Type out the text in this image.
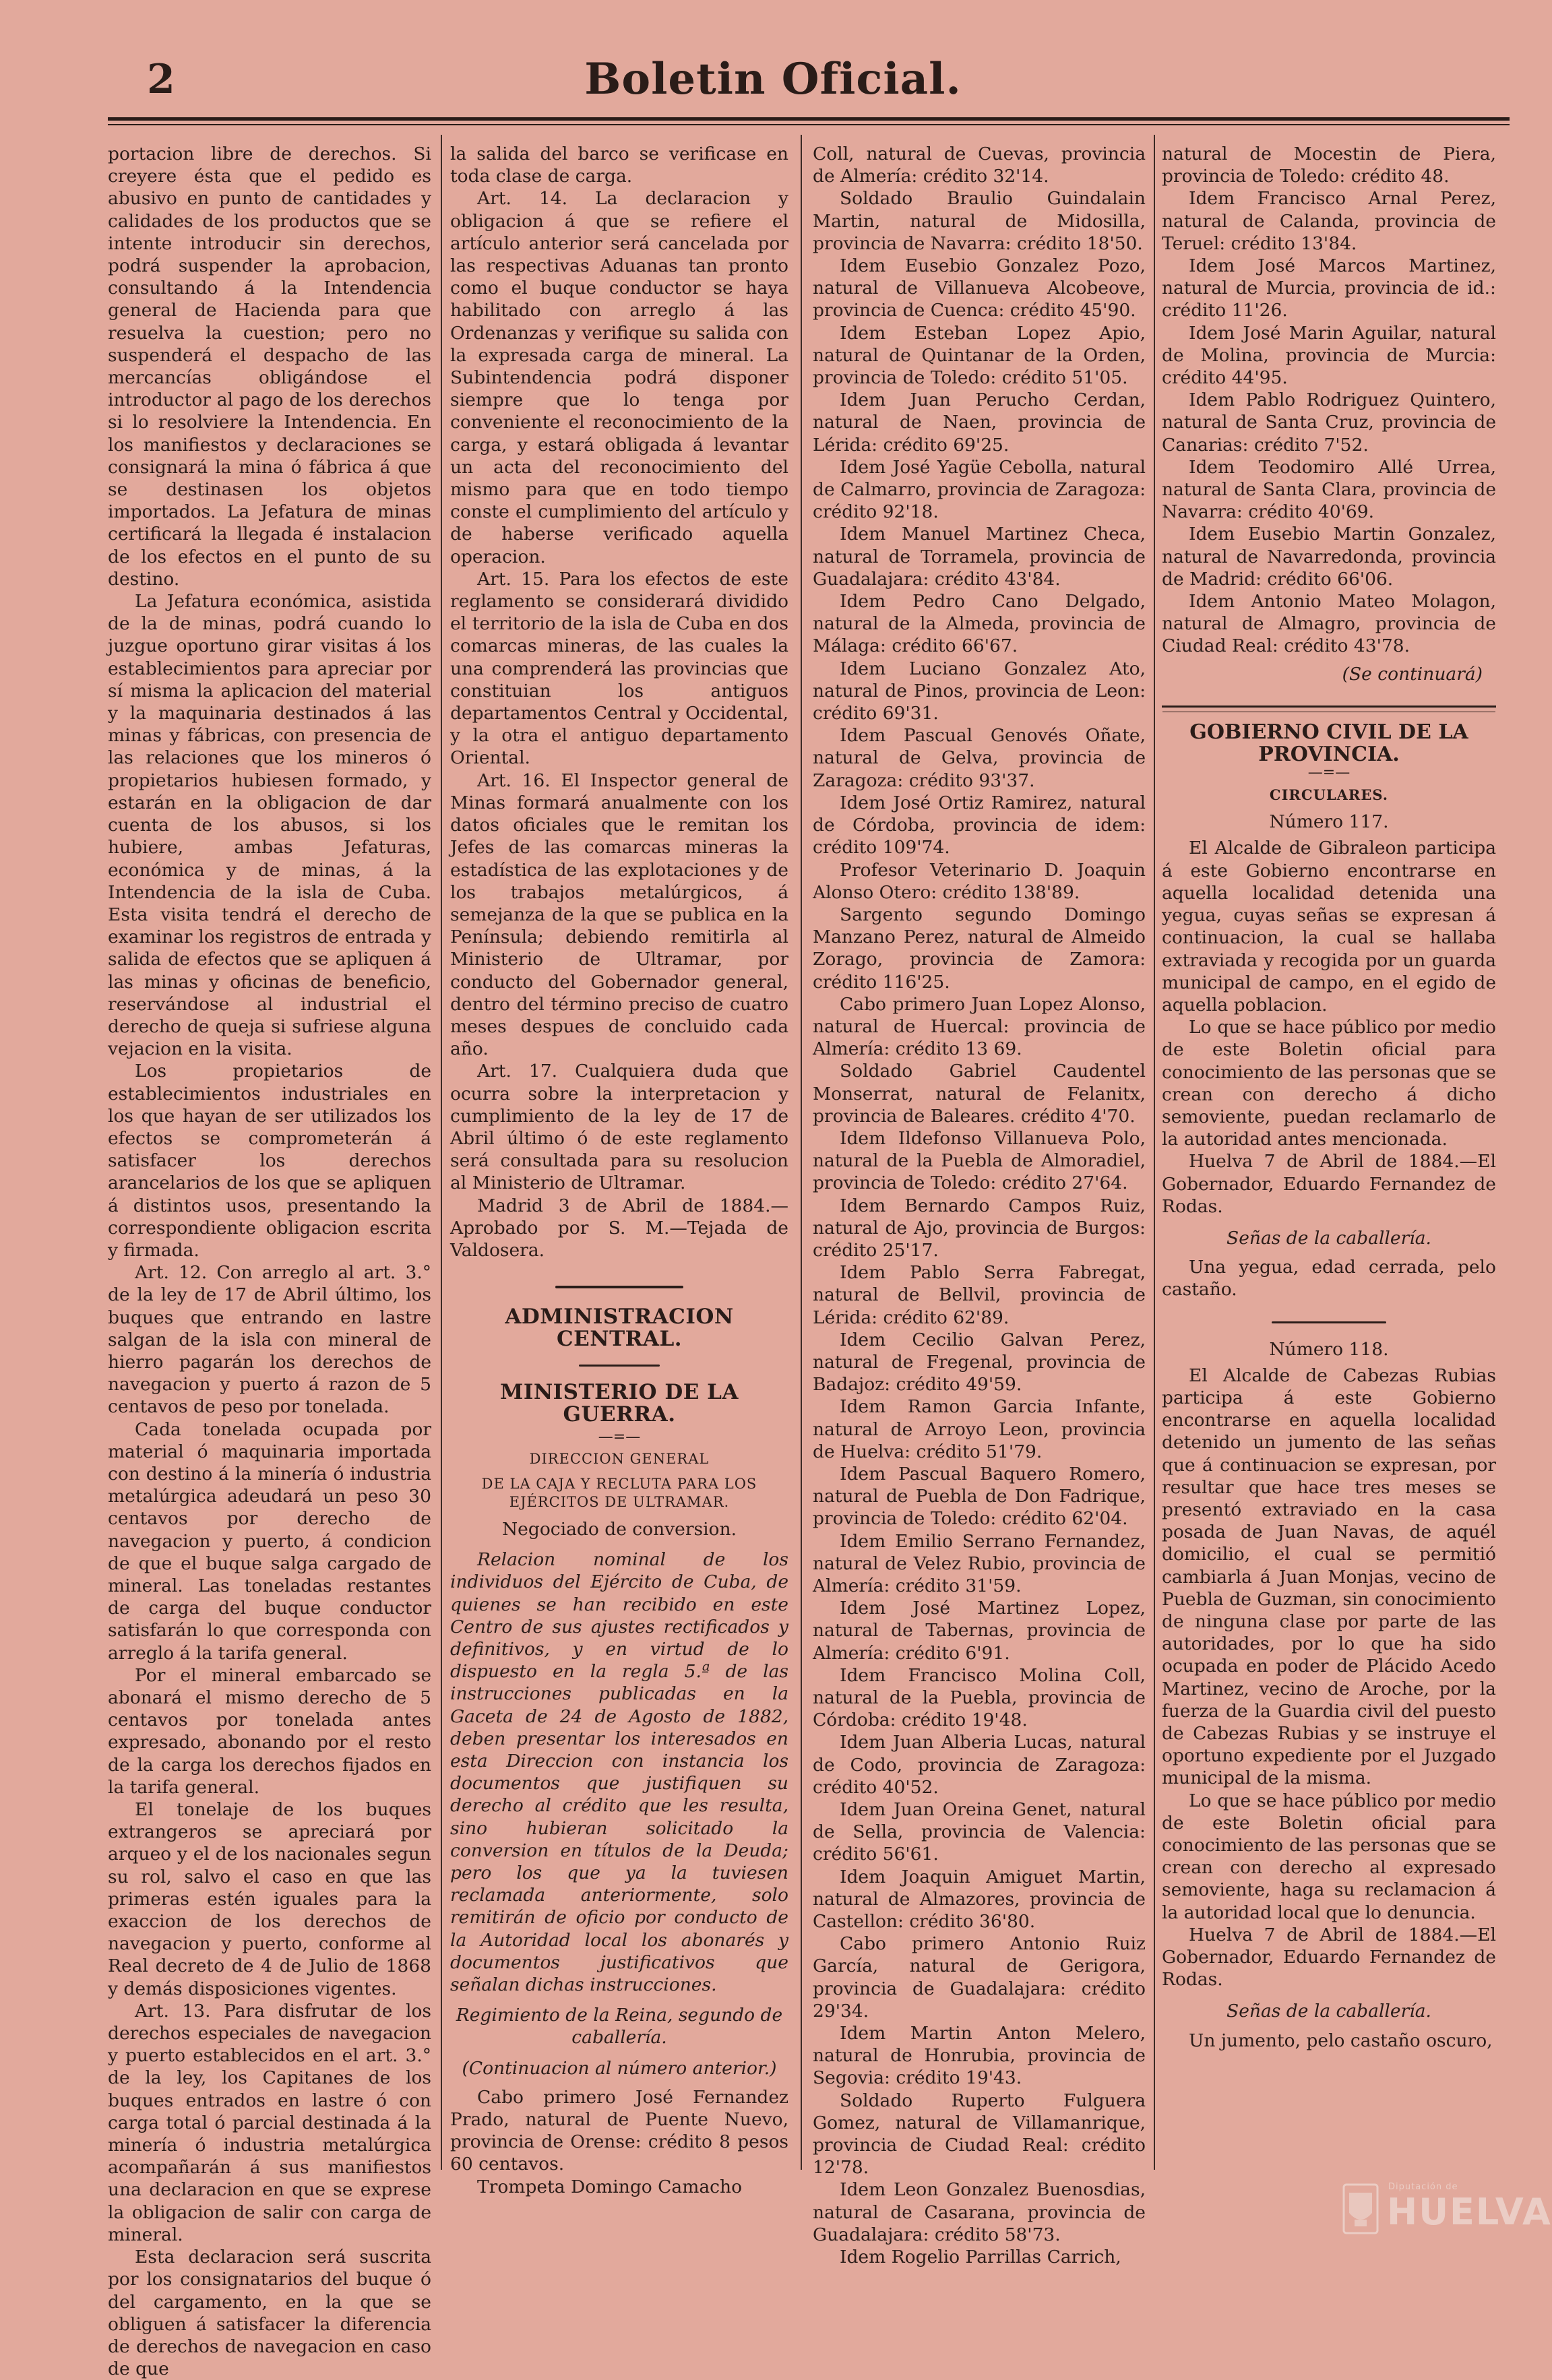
2	Boletin Oficial.

portacion libre de derechos. Si creyere ésta que el pedido es abusivo en punto de cantidades y calidades de los productos que se intente introducir sin derechos, podrá suspender la aprobacion, consultando á la Intendencia general de Hacienda para que resuelva la cuestion; pero no suspenderá el despacho de las mercancías obligándose el introductor al pago de los derechos si lo resolviere la Intendencia. En los manifiestos y declaraciones se consignará la mina ó fábrica á que se destinasen los objetos importados. La Jefatura de minas certificará la llegada é instalacion de los efectos en el punto de su destino.

La Jefatura económica, asistida de la de minas, podrá cuando lo juzgue oportuno girar visitas á los establecimientos para apreciar por sí misma la aplicacion del material y la maquinaria destinados á las minas y fábricas, con presencia de las relaciones que los mineros ó propietarios hubiesen formado, y estarán en la obligacion de dar cuenta de los abusos, si los hubiere, ambas Jefaturas, económica y de minas, á la Intendencia de la isla de Cuba. Esta visita tendrá el derecho de examinar los registros de entrada y salida de efectos que se apliquen á las minas y oficinas de beneficio, reservándose al industrial el derecho de queja si sufriese alguna vejacion en la visita.

Los propietarios de establecimientos industriales en los que hayan de ser utilizados los efectos se comprometerán á satisfacer los derechos arancelarios de los que se apliquen á distintos usos, presentando la correspondiente obligacion escrita y firmada.

Art. 12. Con arreglo al art. 3.° de la ley de 17 de Abril último, los buques que entrando en lastre salgan de la isla con mineral de hierro pagarán los derechos de navegacion y puerto á razon de 5 centavos de peso por tonelada.

Cada tonelada ocupada por material ó maquinaria importada con destino á la minería ó industria metalúrgica adeudará un peso 30 centavos por derecho de navegacion y puerto, á condicion de que el buque salga cargado de mineral. Las toneladas restantes de carga del buque conductor satisfarán lo que corresponda con arreglo á la tarifa general.

Por el mineral embarcado se abonará el mismo derecho de 5 centavos por tonelada antes expresado, abonando por el resto de la carga los derechos fijados en la tarifa general.

El tonelaje de los buques extrangeros se apreciará por arqueo y el de los nacionales segun su rol, salvo el caso en que las primeras estén iguales para la exaccion de los derechos de navegacion y puerto, conforme al Real decreto de 4 de Julio de 1868 y demás disposiciones vigentes.

Art. 13. Para disfrutar de los derechos especiales de navegacion y puerto establecidos en el art. 3.° de la ley, los Capitanes de los buques entrados en lastre ó con carga total ó parcial destinada á la minería ó industria metalúrgica acompañarán á sus manifiestos una declaracion en que se exprese la obligacion de salir con carga de mineral.

Esta declaracion será suscrita por los consignatarios del buque ó del cargamento, en la que se obliguen á satisfacer la diferencia de derechos de navegacion en caso de que

la salida del barco se verificase en toda clase de carga.

Art. 14. La declaracion y obligacion á que se refiere el artículo anterior será cancelada por las respectivas Aduanas tan pronto como el buque conductor se haya habilitado con arreglo á las Ordenanzas y verifique su salida con la expresada carga de mineral. La Subintendencia podrá disponer siempre que lo tenga por conveniente el reconocimiento de la carga, y estará obligada á levantar un acta del reconocimiento del mismo para que en todo tiempo conste el cumplimiento del artículo y de haberse verificado aquella operacion.

Art. 15. Para los efectos de este reglamento se considerará dividido el territorio de la isla de Cuba en dos comarcas mineras, de las cuales la una comprenderá las provincias que constituian los antiguos departamentos Central y Occidental, y la otra el antiguo departamento Oriental.

Art. 16. El Inspector general de Minas formará anualmente con los datos oficiales que le remitan los Jefes de las comarcas mineras la estadística de las explotaciones y de los trabajos metalúrgicos, á semejanza de la que se publica en la Península; debiendo remitirla al Ministerio de Ultramar, por conducto del Gobernador general, dentro del término preciso de cuatro meses despues de concluido cada año.

Art. 17. Cualquiera duda que ocurra sobre la interpretacion y cumplimiento de la ley de 17 de Abril último ó de este reglamento será consultada para su resolucion al Ministerio de Ultramar.

Madrid 3 de Abril de 1884.—Aprobado por S. M.—Tejada de Valdosera.

ADMINISTRACION CENTRAL.

MINISTERIO DE LA GUERRA.

—=—

DIRECCION GENERAL

DE LA CAJA Y RECLUTA PARA LOS EJÉRCITOS DE ULTRAMAR.

Negociado de conversion.

Relacion nominal de los individuos del Ejército de Cuba, de quienes se han recibido en este Centro de sus ajustes rectificados y definitivos, y en virtud de lo dispuesto en la regla 5.ª de las instrucciones publicadas en la Gaceta de 24 de Agosto de 1882, deben presentar los interesados en esta Direccion con instancia los documentos que justifiquen su derecho al crédito que les resulta, sino hubieran solicitado la conversion en títulos de la Deuda; pero los que ya la tuviesen reclamada anteriormente, solo remitirán de oficio por conducto de la Autoridad local los abonarés y documentos justificativos que señalan dichas instrucciones.

Regimiento de la Reina, segundo de caballería.

(Continuacion al número anterior.)

Cabo primero José Fernandez Prado, natural de Puente Nuevo, provincia de Orense: crédito 8 pesos 60 centavos.

Trompeta Domingo Camacho

Coll, natural de Cuevas, provincia de Almería: crédito 32'14.

Soldado Braulio Guindalain Martin, natural de Midosilla, provincia de Navarra: crédito 18'50.

Idem Eusebio Gonzalez Pozo, natural de Villanueva Alcobeove, provincia de Cuenca: crédito 45'90.

Idem Esteban Lopez Apio, natural de Quintanar de la Orden, provincia de Toledo: crédito 51'05.

Idem Juan Perucho Cerdan, natural de Naen, provincia de Lérida: crédito 69'25.

Idem José Yagüe Cebolla, natural de Calmarro, provincia de Zaragoza: crédito 92'18.

Idem Manuel Martinez Checa, natural de Torramela, provincia de Guadalajara: crédito 43'84.

Idem Pedro Cano Delgado, natural de la Almeda, provincia de Málaga: crédito 66'67.

Idem Luciano Gonzalez Ato, natural de Pinos, provincia de Leon: crédito 69'31.

Idem Pascual Genovés Oñate, natural de Gelva, provincia de Zaragoza: crédito 93'37.

Idem José Ortiz Ramirez, natural de Córdoba, provincia de idem: crédito 109'74.

Profesor Veterinario D. Joaquin Alonso Otero: crédito 138'89.

Sargento segundo Domingo Manzano Perez, natural de Almeido Zorago, provincia de Zamora: crédito 116'25.

Cabo primero Juan Lopez Alonso, natural de Huercal: provincia de Almería: crédito 13 69.

Soldado Gabriel Caudentel Monserrat, natural de Felanitx, provincia de Baleares. crédito 4'70.

Idem Ildefonso Villanueva Polo, natural de la Puebla de Almoradiel, provincia de Toledo: crédito 27'64.

Idem Bernardo Campos Ruiz, natural de Ajo, provincia de Burgos: crédito 25'17.

Idem Pablo Serra Fabregat, natural de Bellvil, provincia de Lérida: crédito 62'89.

Idem Cecilio Galvan Perez, natural de Fregenal, provincia de Badajoz: crédito 49'59.

Idem Ramon Garcia Infante, natural de Arroyo Leon, provincia de Huelva: crédito 51'79.

Idem Pascual Baquero Romero, natural de Puebla de Don Fadrique, provincia de Toledo: crédito 62'04.

Idem Emilio Serrano Fernandez, natural de Velez Rubio, provincia de Almería: crédito 31'59.

Idem José Martinez Lopez, natural de Tabernas, provincia de Almería: crédito 6'91.

Idem Francisco Molina Coll, natural de la Puebla, provincia de Córdoba: crédito 19'48.

Idem Juan Alberia Lucas, natural de Codo, provincia de Zaragoza: crédito 40'52.

Idem Juan Oreina Genet, natural de Sella, provincia de Valencia: crédito 56'61.

Idem Joaquin Amiguet Martin, natural de Almazores, provincia de Castellon: crédito 36'80.

Cabo primero Antonio Ruiz García, natural de Gerigora, provincia de Guadalajara: crédito 29'34.

Idem Martin Anton Melero, natural de Honrubia, provincia de Segovia: crédito 19'43.

Soldado Ruperto Fulguera Gomez, natural de Villamanrique, provincia de Ciudad Real: crédito 12'78.

Idem Leon Gonzalez Buenosdias, natural de Casarana, provincia de Guadalajara: crédito 58'73.

Idem Rogelio Parrillas Carrich,

natural de Mocestin de Piera, provincia de Toledo: crédito 48.

Idem Francisco Arnal Perez, natural de Calanda, provincia de Teruel: crédito 13'84.

Idem José Marcos Martinez, natural de Murcia, provincia de id.: crédito 11'26.

Idem José Marin Aguilar, natural de Molina, provincia de Murcia: crédito 44'95.

Idem Pablo Rodriguez Quintero, natural de Santa Cruz, provincia de Canarias: crédito 7'52.

Idem Teodomiro Allé Urrea, natural de Santa Clara, provincia de Navarra: crédito 40'69.

Idem Eusebio Martin Gonzalez, natural de Navarredonda, provincia de Madrid: crédito 66'06.

Idem Antonio Mateo Molagon, natural de Almagro, provincia de Ciudad Real: crédito 43'78.

(Se continuará)

GOBIERNO CIVIL DE LA PROVINCIA.

—=—

CIRCULARES.

Número 117.

El Alcalde de Gibraleon participa á este Gobierno encontrarse en aquella localidad detenida una yegua, cuyas señas se expresan á continuacion, la cual se hallaba extraviada y recogida por un guarda municipal de campo, en el egido de aquella poblacion.

Lo que se hace público por medio de este Boletin oficial para conocimiento de las personas que se crean con derecho á dicho semoviente, puedan reclamarlo de la autoridad antes mencionada.

Huelva 7 de Abril de 1884.—El Gobernador, Eduardo Fernandez de Rodas.

Señas de la caballería.

Una yegua, edad cerrada, pelo castaño.

Número 118.

El Alcalde de Cabezas Rubias participa á este Gobierno encontrarse en aquella localidad detenido un jumento de las señas que á continuacion se expresan, por resultar que hace tres meses se presentó extraviado en la casa posada de Juan Navas, de aquél domicilio, el cual se permitió cambiarla á Juan Monjas, vecino de Puebla de Guzman, sin conocimiento de ninguna clase por parte de las autoridades, por lo que ha sido ocupada en poder de Plácido Acedo Martinez, vecino de Aroche, por la fuerza de la Guardia civil del puesto de Cabezas Rubias y se instruye el oportuno expediente por el Juzgado municipal de la misma.

Lo que se hace público por medio de este Boletin oficial para conocimiento de las personas que se crean con derecho al expresado semoviente, haga su reclamacion á la autoridad local que lo denuncia.

Huelva 7 de Abril de 1884.—El Gobernador, Eduardo Fernandez de Rodas.

Señas de la caballería.

Un jumento, pelo castaño oscuro,

Diputación de
HUELVA
